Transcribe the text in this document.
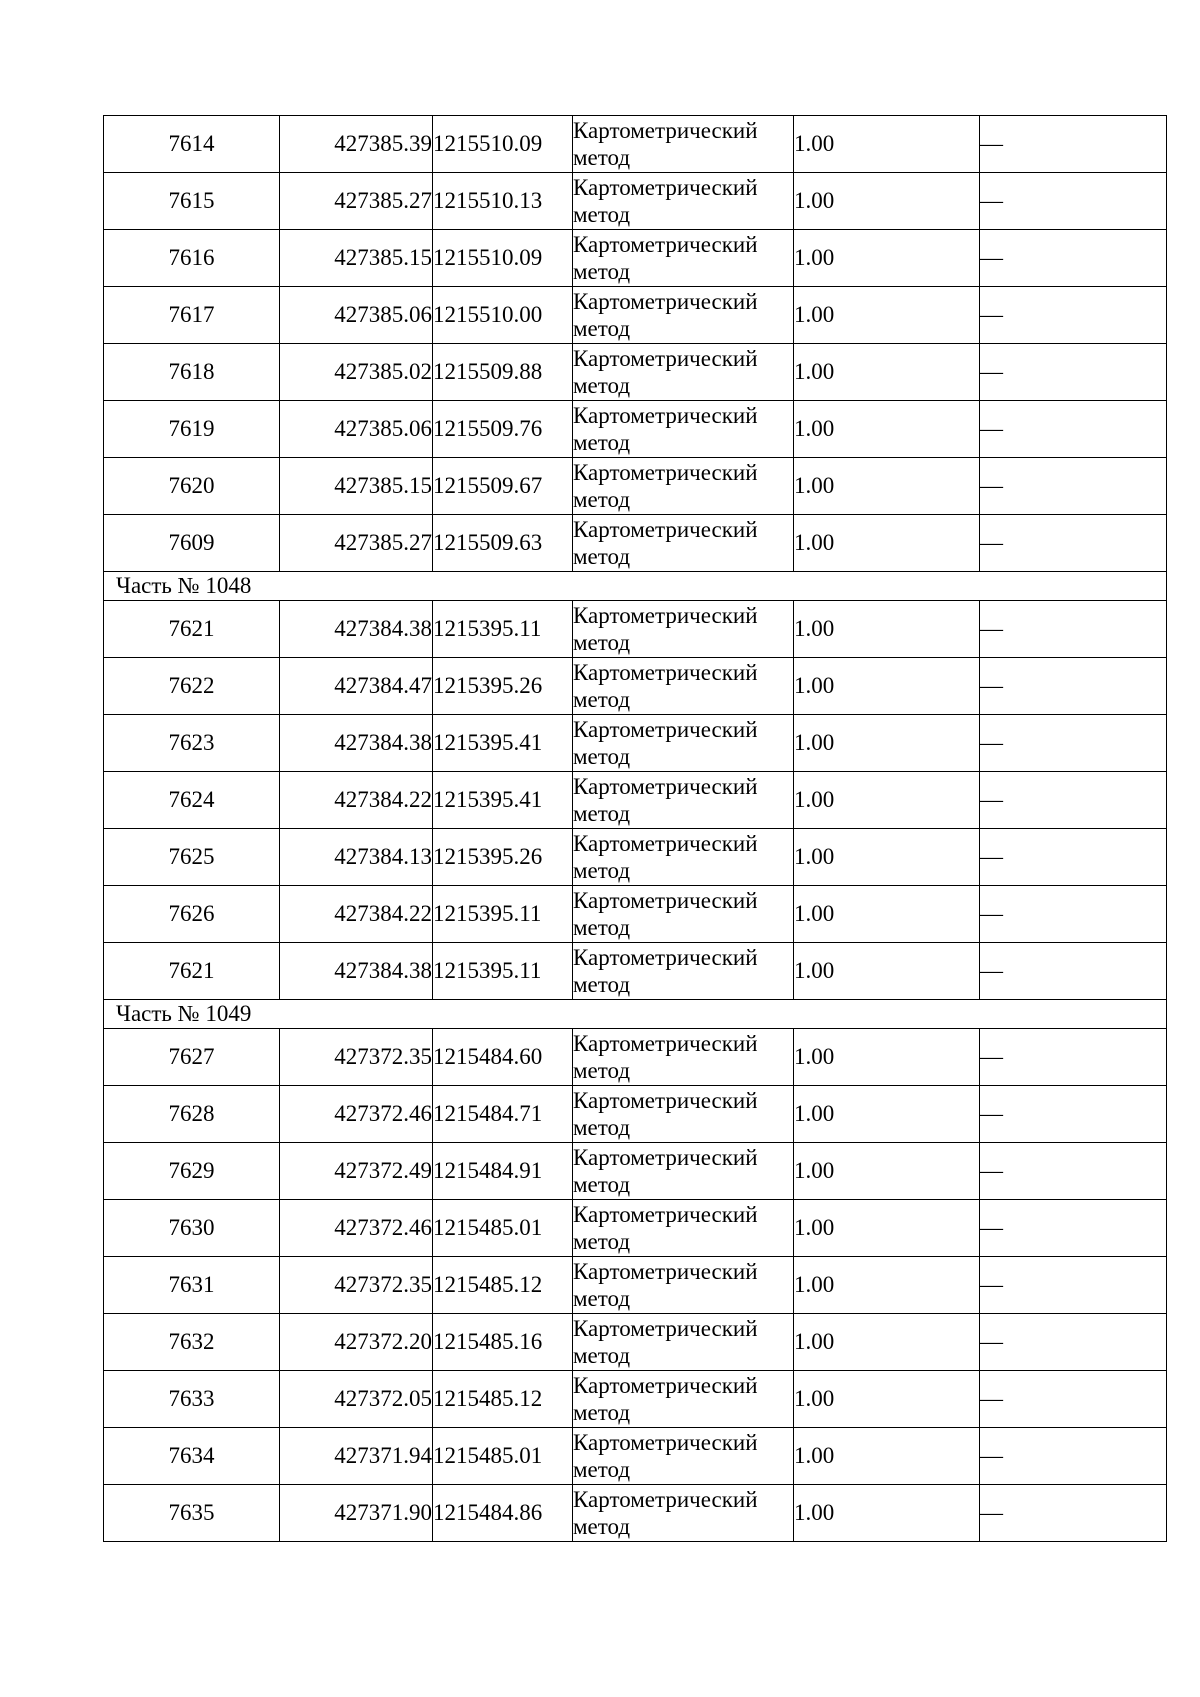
7614	427385.39	1215510.09	Картометрический
метод	1.00	—
7615	427385.27	1215510.13	Картометрический
метод	1.00	—
7616	427385.15	1215510.09	Картометрический
метод	1.00	—
7617	427385.06	1215510.00	Картометрический
метод	1.00	—
7618	427385.02	1215509.88	Картометрический
метод	1.00	—
7619	427385.06	1215509.76	Картометрический
метод	1.00	—
7620	427385.15	1215509.67	Картометрический
метод	1.00	—
7609	427385.27	1215509.63	Картометрический
метод	1.00	—
Часть № 1048					
7621	427384.38	1215395.11	Картометрический
метод	1.00	—
7622	427384.47	1215395.26	Картометрический
метод	1.00	—
7623	427384.38	1215395.41	Картометрический
метод	1.00	—
7624	427384.22	1215395.41	Картометрический
метод	1.00	—
7625	427384.13	1215395.26	Картометрический
метод	1.00	—
7626	427384.22	1215395.11	Картометрический
метод	1.00	—
7621	427384.38	1215395.11	Картометрический
метод	1.00	—
Часть № 1049					
7627	427372.35	1215484.60	Картометрический
метод	1.00	—
7628	427372.46	1215484.71	Картометрический
метод	1.00	—
7629	427372.49	1215484.91	Картометрический
метод	1.00	—
7630	427372.46	1215485.01	Картометрический
метод	1.00	—
7631	427372.35	1215485.12	Картометрический
метод	1.00	—
7632	427372.20	1215485.16	Картометрический
метод	1.00	—
7633	427372.05	1215485.12	Картометрический
метод	1.00	—
7634	427371.94	1215485.01	Картометрический
метод	1.00	—
7635	427371.90	1215484.86	Картометрический
метод	1.00	—
